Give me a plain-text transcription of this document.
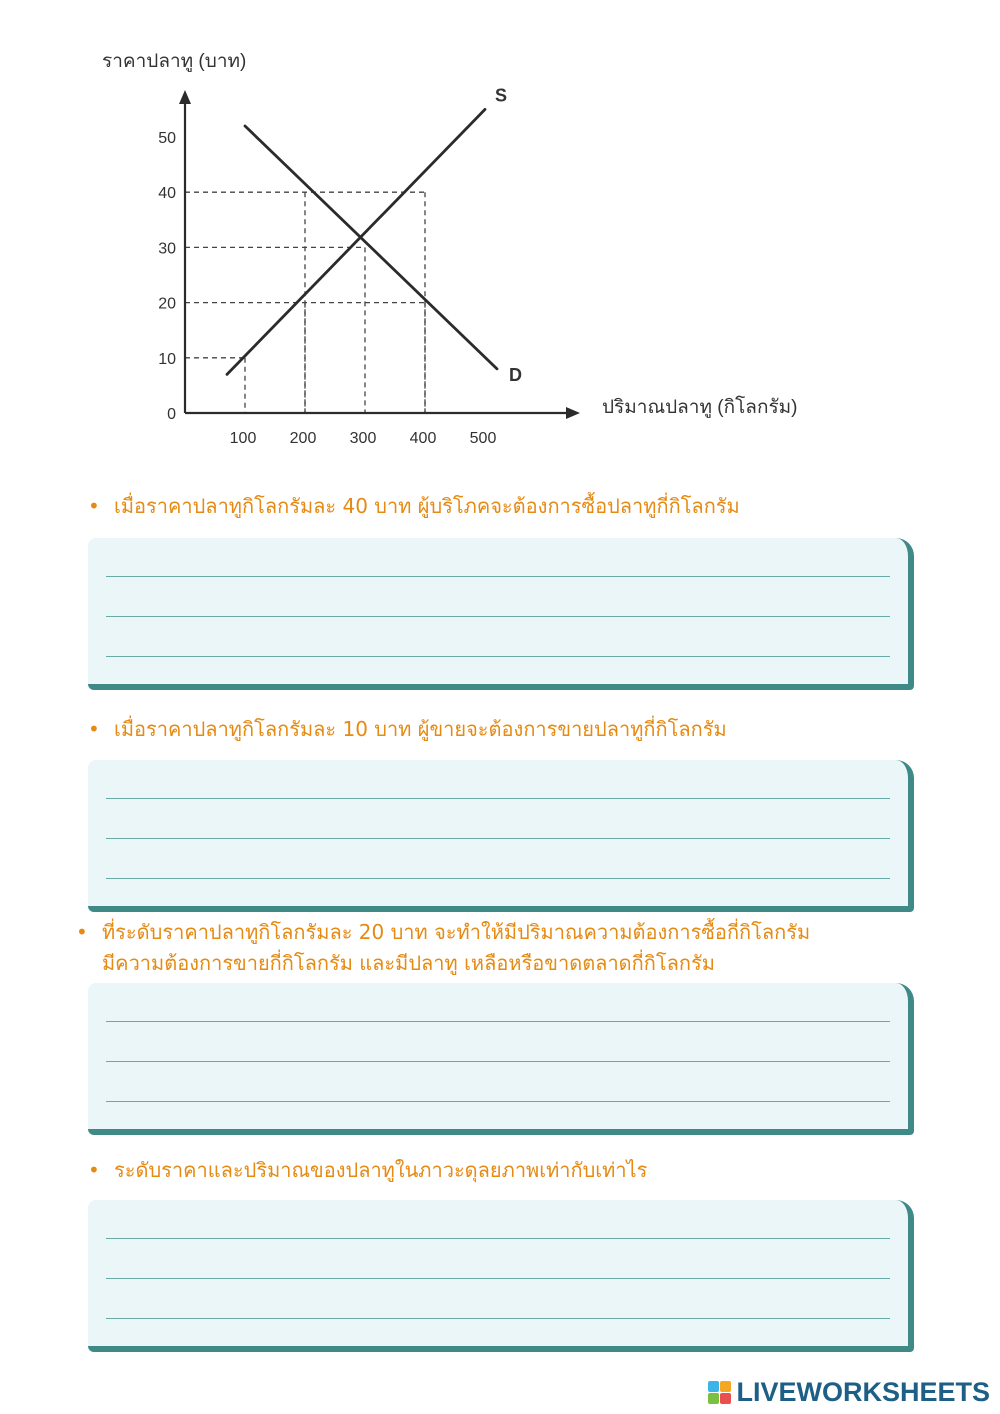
S
D
0
10
20
30
40
50
100 200 300 400 500
ราคาปลาทู (บาท)
ปริมาณปลาทู (กิโลกรัม)
• เมื่อราคาปลาทูกิโลกรัมละ 40 บาท ผู้บริโภคจะต้องการซื้อปลาทูกี่กิโลกรัม
• เมื่อราคาปลาทูกิโลกรัมละ 10 บาท ผู้ขายจะต้องการขายปลาทูกี่กิโลกรัม
• ที่ระดับราคาปลาทูกิโลกรัมละ 20 บาท จะทำให้มีปริมาณความต้องการซื้อกี่กิโลกรัม
มีความต้องการขายกี่กิโลกรัม และมีปลาทู เหลือหรือขาดตลาดกี่กิโลกรัม
• ระดับราคาและปริมาณของปลาทูในภาวะดุลยภาพเท่ากับเท่าไร
LIVEWORKSHEETS
